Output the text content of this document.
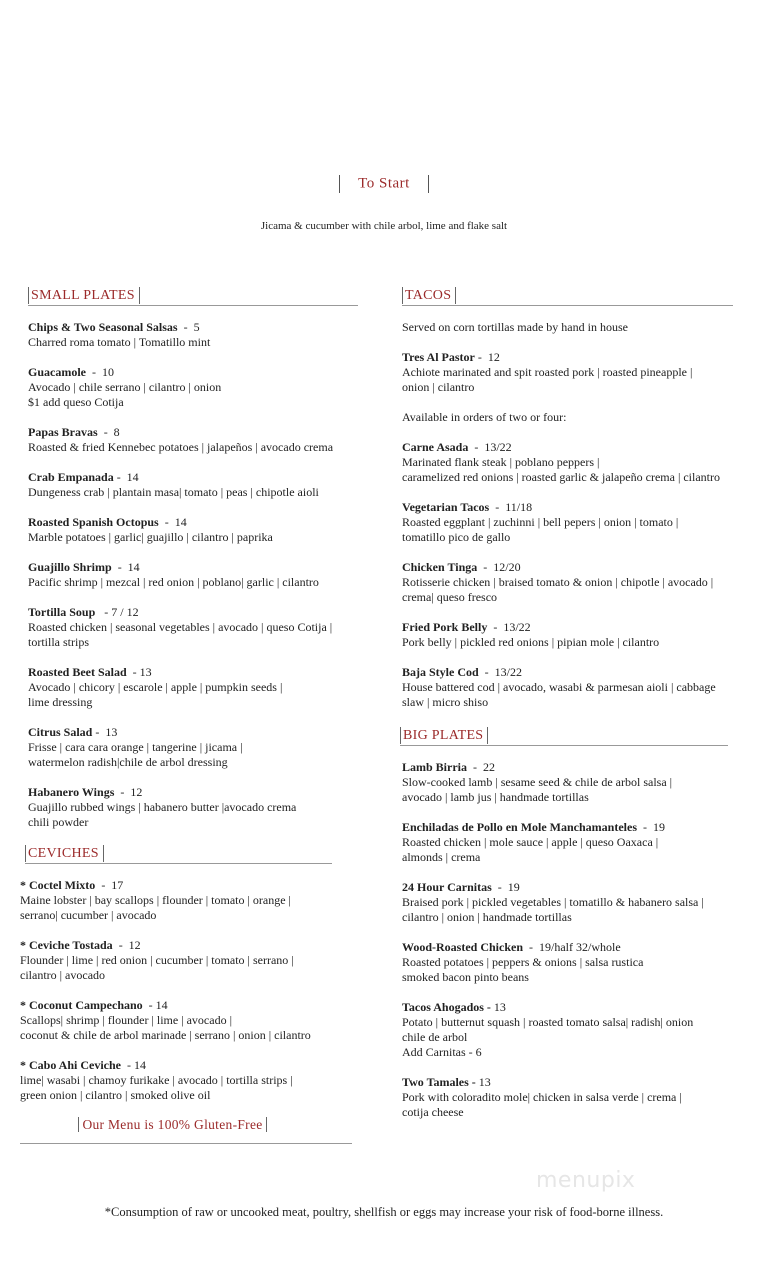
To Start
Jicama & cucumber with chile arbol, lime and flake salt
SMALL PLATES
Chips & Two Seasonal Salsas  -  5
Charred roma tomato | Tomatillo mint
Guacamole  -  10
Avocado | chile serrano | cilantro | onion
$1 add queso Cotija
Papas Bravas  -  8
Roasted & fried Kennebec potatoes | jalapeños | avocado crema
Crab Empanada -  14
Dungeness crab | plantain masa| tomato | peas | chipotle aioli
Roasted Spanish Octopus  -  14
Marble potatoes | garlic| guajillo | cilantro | paprika
Guajillo Shrimp  -  14
Pacific shrimp | mezcal | red onion | poblano| garlic | cilantro
Tortilla Soup   - 7 / 12
Roasted chicken | seasonal vegetables | avocado | queso Cotija |
tortilla strips
Roasted Beet Salad  - 13
Avocado | chicory | escarole | apple | pumpkin seeds |
lime dressing
Citrus Salad -  13
Frisse | cara cara orange | tangerine | jicama |
watermelon radish|chile de arbol dressing
Habanero Wings  -  12
Guajillo rubbed wings | habanero butter |avocado crema
chili powder
CEVICHES
* Coctel Mixto  -  17
Maine lobster | bay scallops | flounder | tomato | orange |
serrano| cucumber | avocado
* Ceviche Tostada  -  12
Flounder | lime | red onion | cucumber | tomato | serrano |
cilantro | avocado
* Coconut Campechano  - 14
Scallops| shrimp | flounder | lime | avocado |
coconut & chile de arbol marinade | serrano | onion | cilantro
* Cabo Ahi Ceviche  - 14
lime| wasabi | chamoy furikake | avocado | tortilla strips |
green onion | cilantro | smoked olive oil
Our Menu is 100% Gluten-Free
TACOS
Served on corn tortillas made by hand in house
Tres Al Pastor -  12
Achiote marinated and spit roasted pork | roasted pineapple |
onion | cilantro
Available in orders of two or four:
Carne Asada  -  13/22
Marinated flank steak | poblano peppers |
caramelized red onions | roasted garlic & jalapeño crema | cilantro
Vegetarian Tacos  -  11/18
Roasted eggplant | zuchinni | bell pepers | onion | tomato |
tomatillo pico de gallo
Chicken Tinga  -  12/20
Rotisserie chicken | braised tomato & onion | chipotle | avocado |
crema| queso fresco
Fried Pork Belly  -  13/22
Pork belly | pickled red onions | pipian mole | cilantro
Baja Style Cod  -  13/22
House battered cod | avocado, wasabi & parmesan aioli | cabbage
slaw | micro shiso
BIG PLATES
Lamb Birria  -  22
Slow-cooked lamb | sesame seed & chile de arbol salsa |
avocado | lamb jus | handmade tortillas
Enchiladas de Pollo en Mole Manchamanteles  -  19
Roasted chicken | mole sauce | apple | queso Oaxaca |
almonds | crema
24 Hour Carnitas  -  19
Braised pork | pickled vegetables | tomatillo & habanero salsa |
cilantro | onion | handmade tortillas
Wood-Roasted Chicken  -  19/half 32/whole
Roasted potatoes | peppers & onions | salsa rustica
smoked bacon pinto beans
Tacos Ahogados - 13
Potato | butternut squash | roasted tomato salsa| radish| onion
chile de arbol
Add Carnitas - 6
Two Tamales - 13
Pork with coloradito mole| chicken in salsa verde | crema |
cotija cheese
menupix
*Consumption of raw or uncooked meat, poultry, shellfish or eggs may increase your risk of food-borne illness.
